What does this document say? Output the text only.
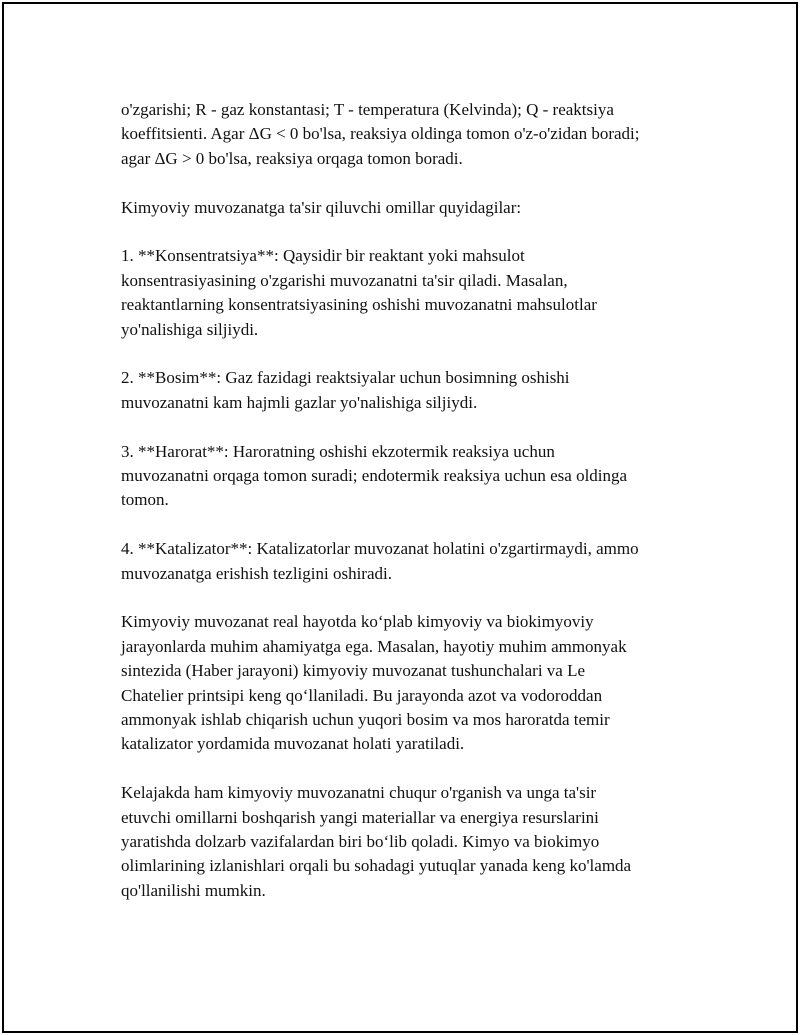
o'zgarishi; R - gaz konstantasi; T - temperatura (Kelvinda); Q - reaktsiya
koeffitsienti. Agar ΔG < 0 bo'lsa, reaksiya oldinga tomon o'z-o'zidan boradi;
agar ΔG > 0 bo'lsa, reaksiya orqaga tomon boradi.

Kimyoviy muvozanatga ta'sir qiluvchi omillar quyidagilar:

1. **Konsentratsiya**: Qaysidir bir reaktant yoki mahsulot
konsentrasiyasining o'zgarishi muvozanatni ta'sir qiladi. Masalan,
reaktantlarning konsentratsiyasining oshishi muvozanatni mahsulotlar
yo'nalishiga siljiydi.

2. **Bosim**: Gaz fazidagi reaktsiyalar uchun bosimning oshishi
muvozanatni kam hajmli gazlar yo'nalishiga siljiydi.

3. **Harorat**: Haroratning oshishi ekzotermik reaksiya uchun
muvozanatni orqaga tomon suradi; endotermik reaksiya uchun esa oldinga
tomon.

4. **Katalizator**: Katalizatorlar muvozanat holatini o'zgartirmaydi, ammo
muvozanatga erishish tezligini oshiradi.

Kimyoviy muvozanat real hayotda koʻplab kimyoviy va biokimyoviy
jarayonlarda muhim ahamiyatga ega. Masalan, hayotiy muhim ammonyak
sintezida (Haber jarayoni) kimyoviy muvozanat tushunchalari va Le
Chatelier printsipi keng qoʻllaniladi. Bu jarayonda azot va vodoroddan
ammonyak ishlab chiqarish uchun yuqori bosim va mos haroratda temir
katalizator yordamida muvozanat holati yaratiladi.

Kelajakda ham kimyoviy muvozanatni chuqur o'rganish va unga ta'sir
etuvchi omillarni boshqarish yangi materiallar va energiya resurslarini
yaratishda dolzarb vazifalardan biri boʻlib qoladi. Kimyo va biokimyo
olimlarining izlanishlari orqali bu sohadagi yutuqlar yanada keng ko'lamda
qo'llanilishi mumkin.
